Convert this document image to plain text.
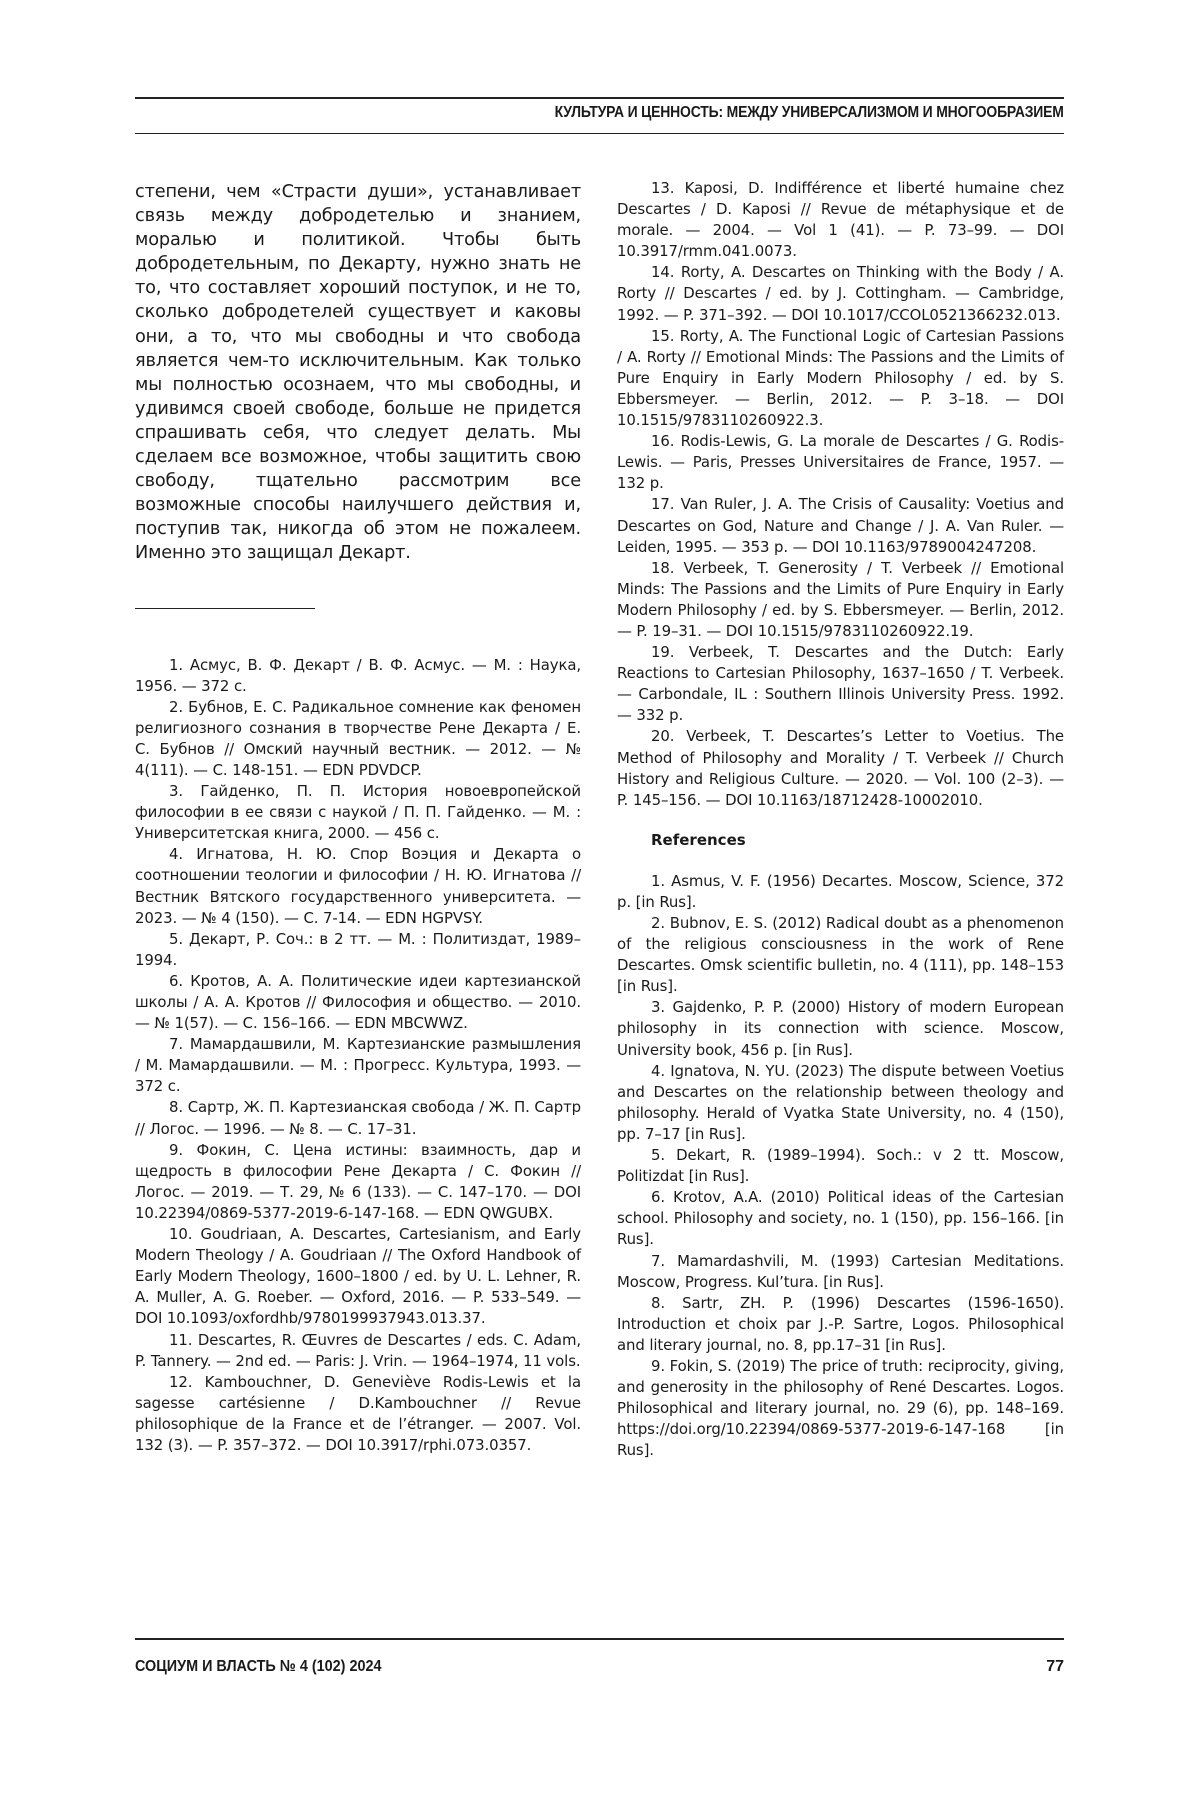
КУЛЬТУРА И ЦЕННОСТЬ: МЕЖДУ УНИВЕРСАЛИЗМОМ И МНОГООБРАЗИЕМ

степени, чем «Страсти души», устанавливает связь между добродетелью и знанием, моралью и политикой. Чтобы быть добродетельным, по Декарту, нужно знать не то, что составляет хороший поступок, и не то, сколько добродетелей существует и каковы они, а то, что мы свободны и что свобода является чем-то исключительным. Как только мы полностью осознаем, что мы свободны, и удивимся своей свободе, больше не придется спрашивать себя, что следует делать. Мы сделаем все возможное, чтобы защитить свою свободу, тщательно рассмотрим все возможные способы наилучшего действия и, поступив так, никогда об этом не пожалеем. Именно это защищал Декарт.

1. Асмус, В. Ф. Декарт / В. Ф. Асмус. — М. : Наука, 1956. — 372 с.

2. Бубнов, Е. С. Радикальное сомнение как феномен религиозного сознания в творчестве Рене Декарта / Е. С. Бубнов // Омский научный вестник. — 2012. — № 4(111). — С. 148-151. — EDN PDVDCP.

3. Гайденко, П. П. История новоевропейской философии в ее связи с наукой / П. П. Гайденко. — М. : Университетская книга, 2000. — 456 с.

4. Игнатова, Н. Ю. Спор Воэция и Декарта о соотношении теологии и философии / Н. Ю. Игнатова // Вестник Вятского государственного университета. — 2023. — № 4 (150). — С. 7-14. — EDN HGPVSY.

5. Декарт, Р. Соч.: в 2 тт. — М. : Политиздат, 1989–1994.

6. Кротов, А. А. Политические идеи картезианской школы / А. А. Кротов // Философия и общество. — 2010. — № 1(57). — С. 156–166. — EDN MBCWWZ.

7. Мамардашвили, М. Картезианские размышления / М. Мамардашвили. — М. : Прогресс. Культура, 1993. — 372 с.

8. Сартр, Ж. П. Картезианская свобода / Ж. П. Сартр // Логос. — 1996. — № 8. — С. 17–31.

9. Фокин, С. Цена истины: взаимность, дар и щедрость в философии Рене Декарта / С. Фокин // Логос. — 2019. — Т. 29, № 6 (133). — С. 147–170. — DOI 10.22394/0869-5377-2019-6-147-168. — EDN QWGUBX.

10. Goudriaan, A. Descartes, Cartesianism, and Early Modern Theology / A. Goudriaan // The Oxford Handbook of Early Modern Theology, 1600–1800 / ed. by U. L. Lehner, R. A. Muller, A. G. Roeber. — Oxford, 2016. — P. 533–549. — DOI 10.1093/oxfordhb/9780199937943.013.37.

11. Descartes, R. Œuvres de Descartes / eds. C. Adam, P. Tannery. — 2nd ed. — Paris: J. Vrin. — 1964–1974, 11 vols.

12. Kambouchner, D. Geneviève Rodis-Lewis et la sagesse cartésienne / D.Kambouchner // Revue philosophique de la France et de l’étranger. — 2007. Vol. 132 (3). — P. 357–372. — DOI 10.3917/rphi.073.0357.

13. Kaposi, D. Indifférence et liberté humaine chez Descartes / D. Kaposi // Revue de métaphysique et de morale. — 2004. — Vol 1 (41). — P. 73–99. — DOI 10.3917/rmm.041.0073.

14. Rorty, A. Descartes on Thinking with the Body / A. Rorty // Descartes / ed. by J. Cottingham. — Cambridge, 1992. — P. 371–392. — DOI 10.1017/CCOL0521366232.013.

15. Rorty, A. The Functional Logic of Cartesian Passions / A. Rorty // Emotional Minds: The Passions and the Limits of Pure Enquiry in Early Modern Philosophy / ed. by S. Ebbersmeyer. — Berlin, 2012. — P. 3–18. — DOI 10.1515/9783110260922.3.

16. Rodis-Lewis, G. La morale de Descartes / G. Rodis-Lewis. — Paris, Presses Universitaires de France, 1957. — 132 p.

17. Van Ruler, J. A. The Crisis of Causality: Voetius and Descartes on God, Nature and Change / J. A. Van Ruler. — Leiden, 1995. — 353 p. — DOI 10.1163/9789004247208.

18. Verbeek, T. Generosity / T. Verbeek // Emotional Minds: The Passions and the Limits of Pure Enquiry in Early Modern Philosophy / ed. by S. Ebbersmeyer. — Berlin, 2012. — P. 19–31. — DOI 10.1515/9783110260922.19.

19. Verbeek, T. Descartes and the Dutch: Early Reactions to Cartesian Philosophy, 1637–1650 / T. Verbeek. — Carbondale, IL : Southern Illinois University Press. 1992. — 332 p.

20. Verbeek, T. Descartes’s Letter to Voetius. The Method of Philosophy and Morality / T. Verbeek // Church History and Religious Culture. — 2020. — Vol. 100 (2–3). — P. 145–156. — DOI 10.1163/18712428-10002010.

References

1. Asmus, V. F. (1956) Decartes. Moscow, Science, 372 p. [in Rus].

2. Bubnov, E. S. (2012) Radical doubt as a phenomenon of the religious consciousness in the work of Rene Descartes. Omsk scientific bulletin, no. 4 (111), pp. 148–153 [in Rus].

3. Gajdenko, P. P. (2000) History of modern European philosophy in its connection with science. Moscow, University book, 456 p. [in Rus].

4. Ignatova, N. YU. (2023) The dispute between Voetius and Descartes on the relationship between theology and philosophy. Herald of Vyatka State University, no. 4 (150), pp. 7–17 [in Rus].

5. Dekart, R. (1989–1994). Soch.: v 2 tt. Moscow, Politizdat [in Rus].

6. Krotov, A.A. (2010) Political ideas of the Cartesian school. Philosophy and society, no. 1 (150), pp. 156–166. [in Rus].

7. Mamardashvili, M. (1993) Cartesian Meditations. Moscow, Progress. Kul’tura. [in Rus].

8. Sartr, ZH. P. (1996) Descartes (1596-1650). Introduction et choix par J.-P. Sartre, Logos. Philosophical and literary journal, no. 8, pp.17–31 [in Rus].

9. Fokin, S. (2019) The price of truth: reciprocity, giving, and generosity in the philosophy of René Descartes. Logos. Philosophical and literary journal, no. 29 (6), pp. 148–169. https://doi.org/10.22394/0869-5377-2019-6-147-168 [in Rus].

СОЦИУМ И ВЛАСТЬ № 4 (102) 2024	77
